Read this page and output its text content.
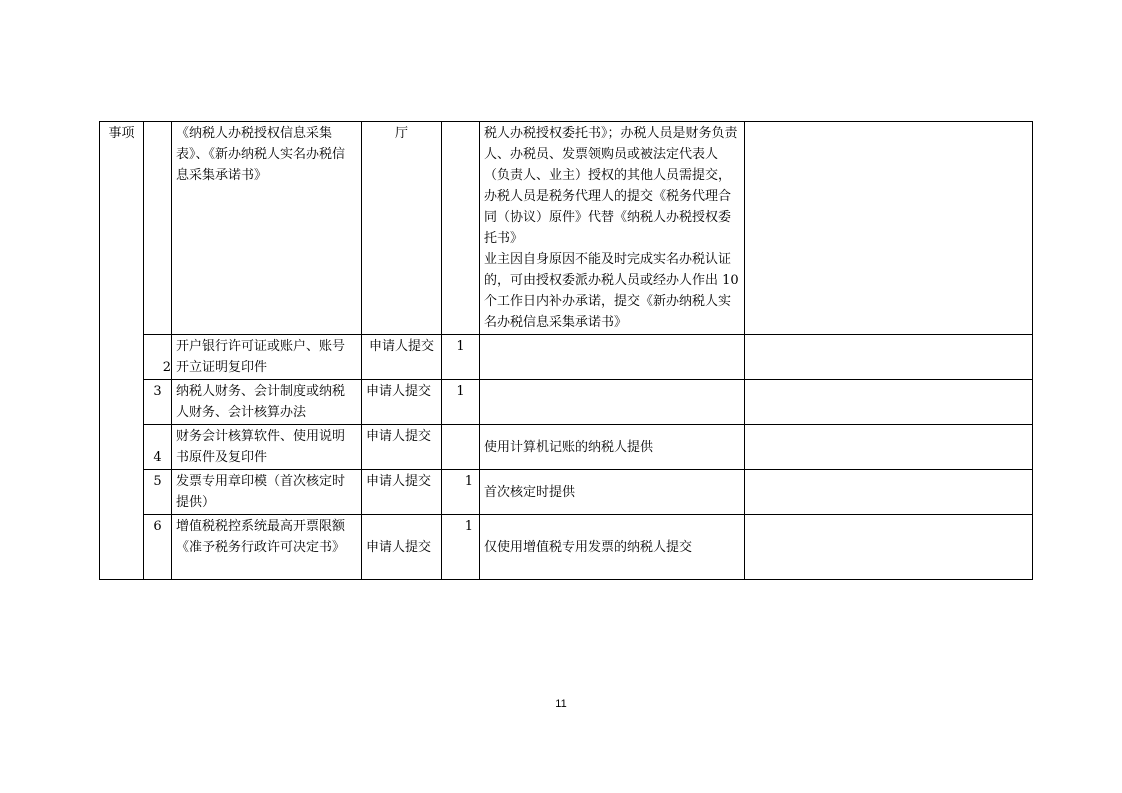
事项		《纳税人办税授权信息采集表》、《新办纳税人实名办税信息采集承诺书》	厅		税人办税授权委托书》；办税人员是财务负责人、办税员、发票领购员或被法定代表人（负责人、业主）授权的其他人员需提交，办税人员是税务代理人的提交《税务代理合同（协议）原件》代替《纳税人办税授权委托书》
业主因自身原因不能及时完成实名办税认证的，可由授权委派办税人员或经办人作出 10 个工作日内补办承诺，提交《新办纳税人实名办税信息采集承诺书》	

	2	开户银行许可证或账户、账号开立证明复印件	申请人提交	1		
	3	纳税人财务、会计制度或纳税人财务、会计核算办法	申请人提交	1		
	4	财务会计核算软件、使用说明书原件及复印件	申请人提交		使用计算机记账的纳税人提供	
	5	发票专用章印模（首次核定时提供）	申请人提交	1	首次核定时提供	
	6	增值税税控系统最高开票限额《准予税务行政许可决定书》	申请人提交	1	仅使用增值税专用发票的纳税人提交	
11
